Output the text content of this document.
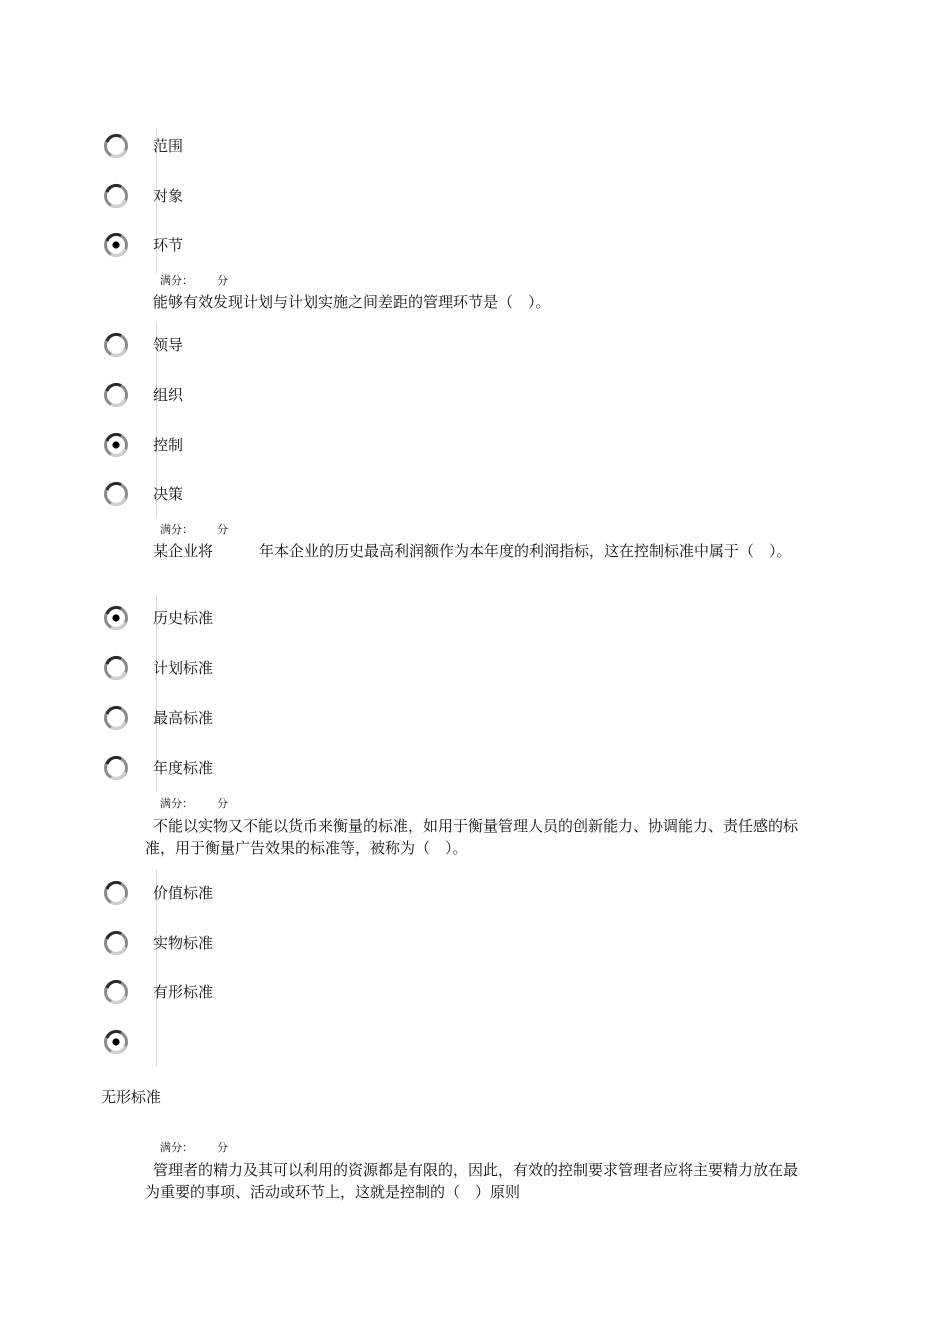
范围
对象
环节
满分： 分
能够有效发现计划与计划实施之间差距的管理环节是（　）。
领导
组织
控制
决策
满分： 分
某企业将	年本企业的历史最高利润额作为本年度的利润指标，这在控制标准中属于（　）。
历史标准
计划标准
最高标准
年度标准
满分： 分
不能以实物又不能以货币来衡量的标准，如用于衡量管理人员的创新能力、协调能力、责任感的标准，用于衡量广告效果的标准等，被称为（　）。
价值标准
实物标准
有形标准
无形标准
满分： 分
管理者的精力及其可以利用的资源都是有限的，因此，有效的控制要求管理者应将主要精力放在最为重要的事项、活动或环节上，这就是控制的（　）原则
